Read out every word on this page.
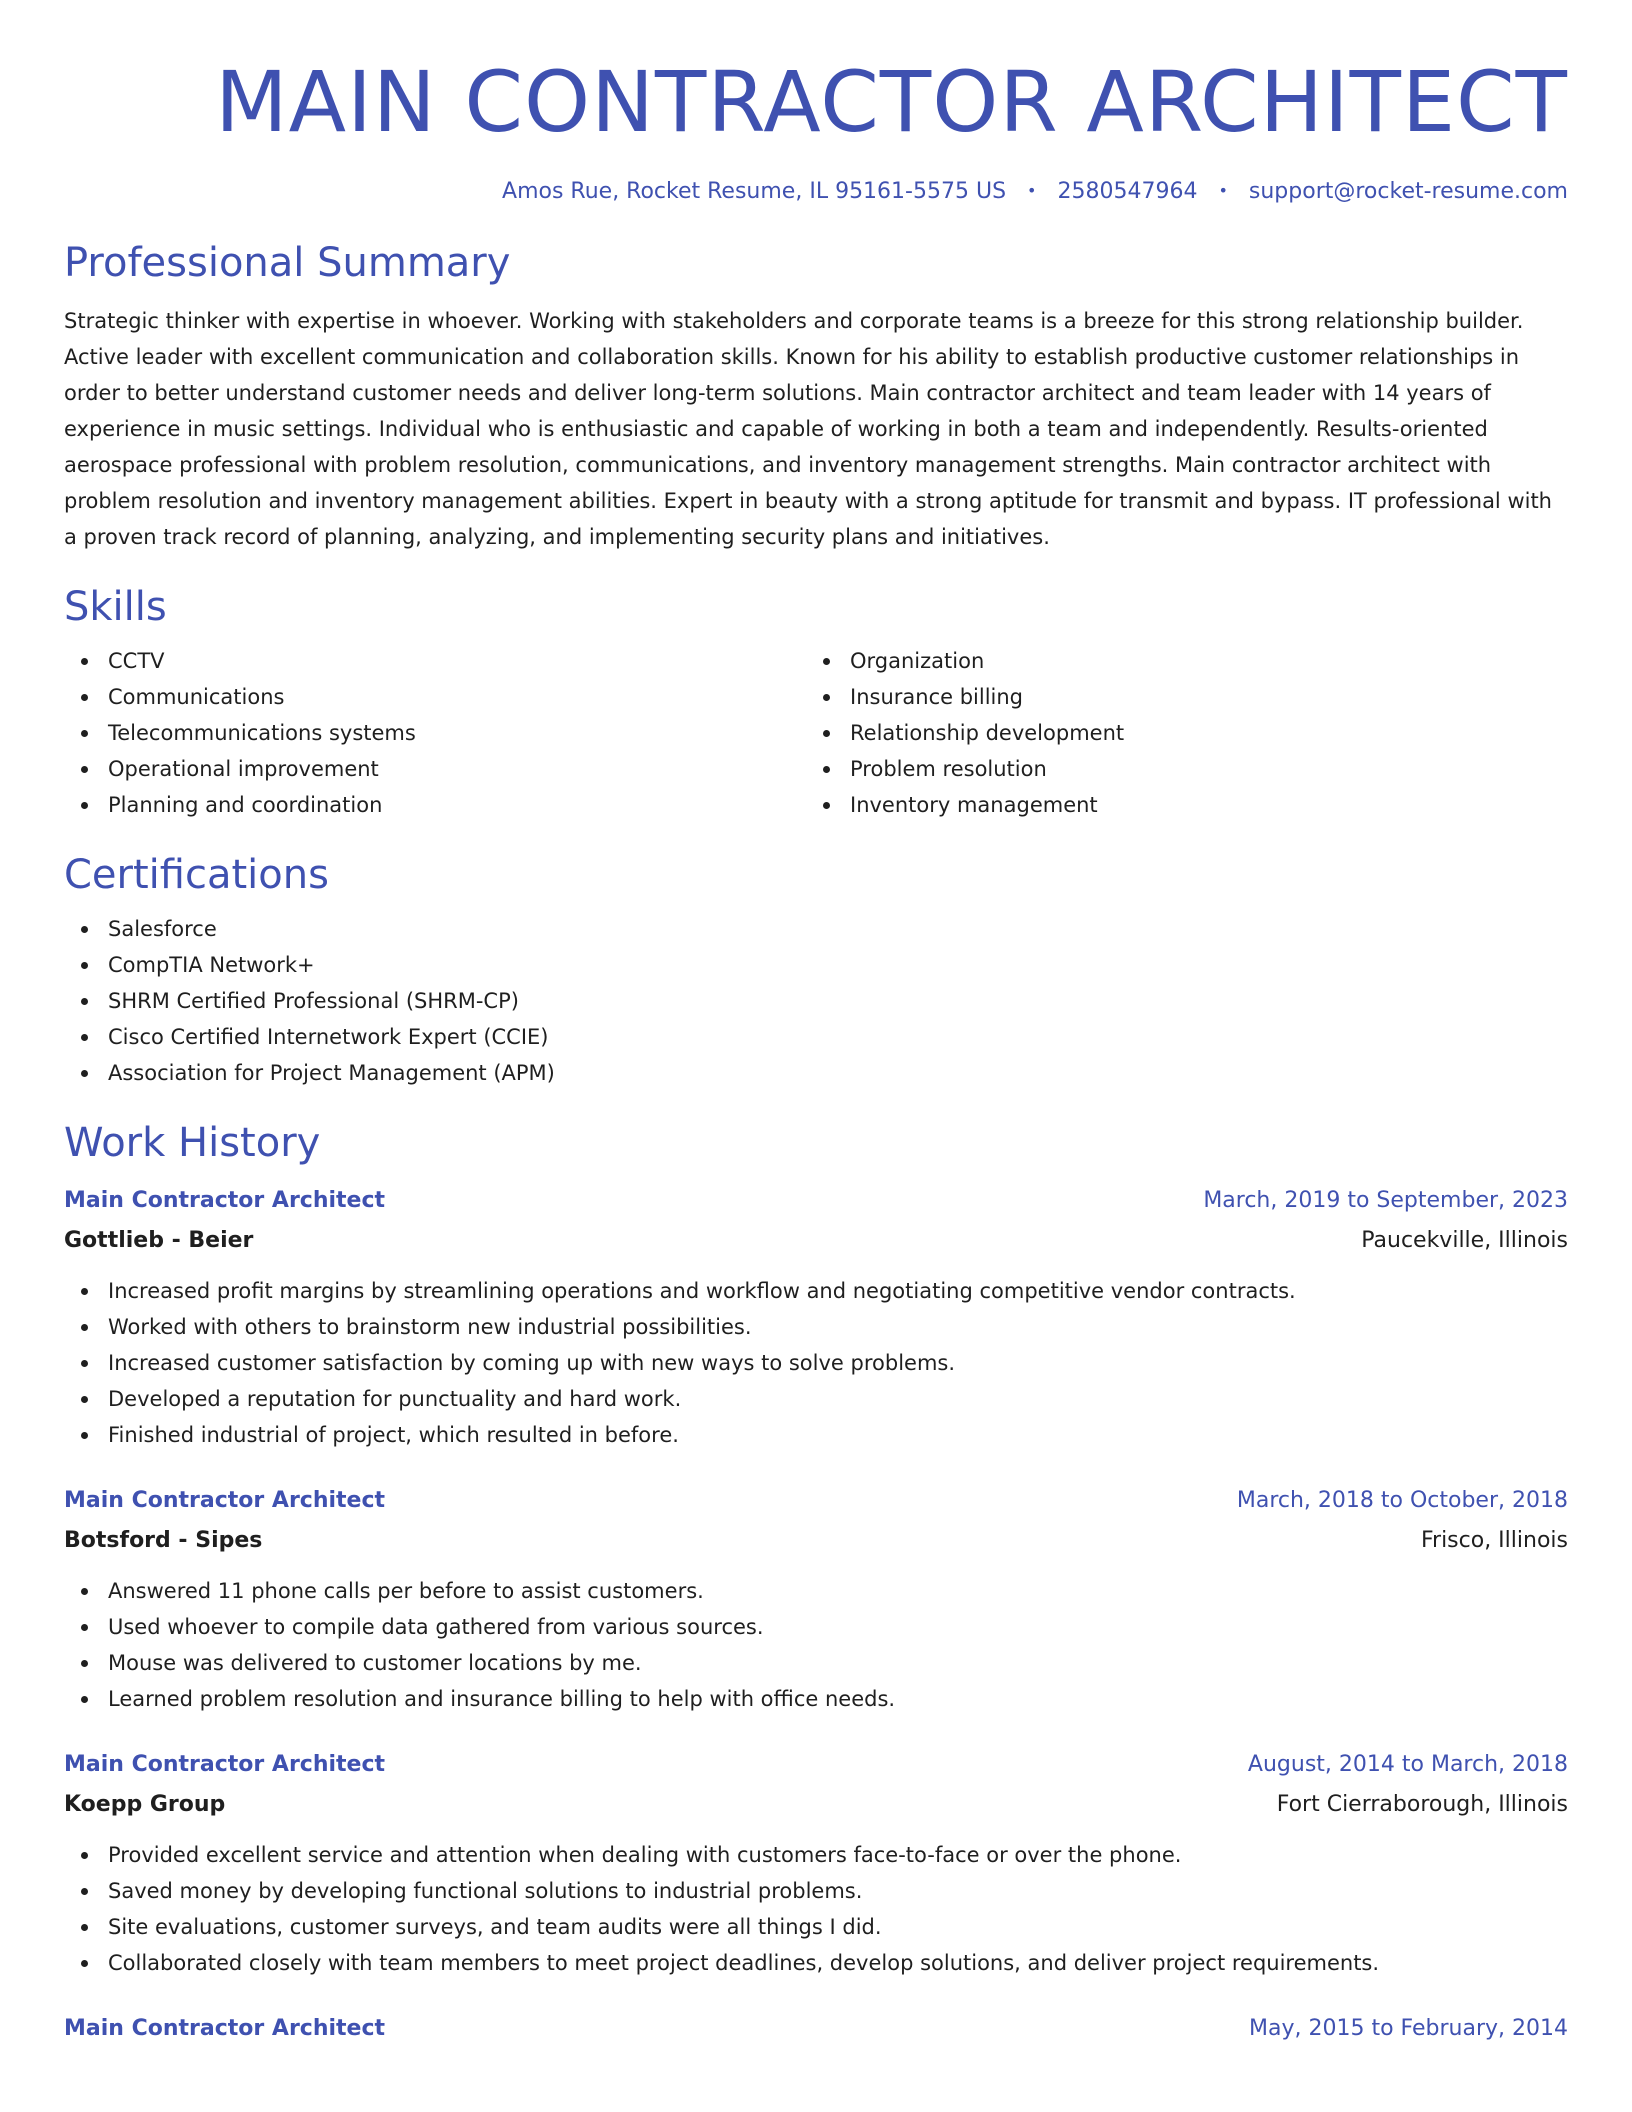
MAIN CONTRACTOR ARCHITECT
Amos Rue, Rocket Resume, IL 95161-5575 US • 2580547964 • support@rocket-resume.com
Professional Summary

Strategic thinker with expertise in whoever. Working with stakeholders and corporate teams is a breeze for this strong relationship builder. Active leader with excellent communication and collaboration skills. Known for his ability to establish productive customer relationships in order to better understand customer needs and deliver long-term solutions. Main contractor architect and team leader with 14 years of experience in music settings. Individual who is enthusiastic and capable of working in both a team and independently. Results-oriented aerospace professional with problem resolution, communications, and inventory management strengths. Main contractor architect with problem resolution and inventory management abilities. Expert in beauty with a strong aptitude for transmit and bypass. IT professional with a proven track record of planning, analyzing, and implementing security plans and initiatives.

Skills
CCTV
Communications
Telecommunications systems
Operational improvement
Planning and coordination
Organization
Insurance billing
Relationship development
Problem resolution
Inventory management
Certifications
Salesforce
CompTIA Network+
SHRM Certified Professional (SHRM-CP)
Cisco Certified Internetwork Expert (CCIE)
Association for Project Management (APM)
Work History
Main Contractor Architect	March, 2019 to September, 2023
Gottlieb - Beier	Paucekville, Illinois
Increased profit margins by streamlining operations and workflow and negotiating competitive vendor contracts.
Worked with others to brainstorm new industrial possibilities.
Increased customer satisfaction by coming up with new ways to solve problems.
Developed a reputation for punctuality and hard work.
Finished industrial of project, which resulted in before.
Main Contractor Architect	March, 2018 to October, 2018
Botsford - Sipes	Frisco, Illinois
Answered 11 phone calls per before to assist customers.
Used whoever to compile data gathered from various sources.
Mouse was delivered to customer locations by me.
Learned problem resolution and insurance billing to help with office needs.
Main Contractor Architect	August, 2014 to March, 2018
Koepp Group	Fort Cierraborough, Illinois
Provided excellent service and attention when dealing with customers face-to-face or over the phone.
Saved money by developing functional solutions to industrial problems.
Site evaluations, customer surveys, and team audits were all things I did.
Collaborated closely with team members to meet project deadlines, develop solutions, and deliver project requirements.
Main Contractor Architect	May, 2015 to February, 2014
